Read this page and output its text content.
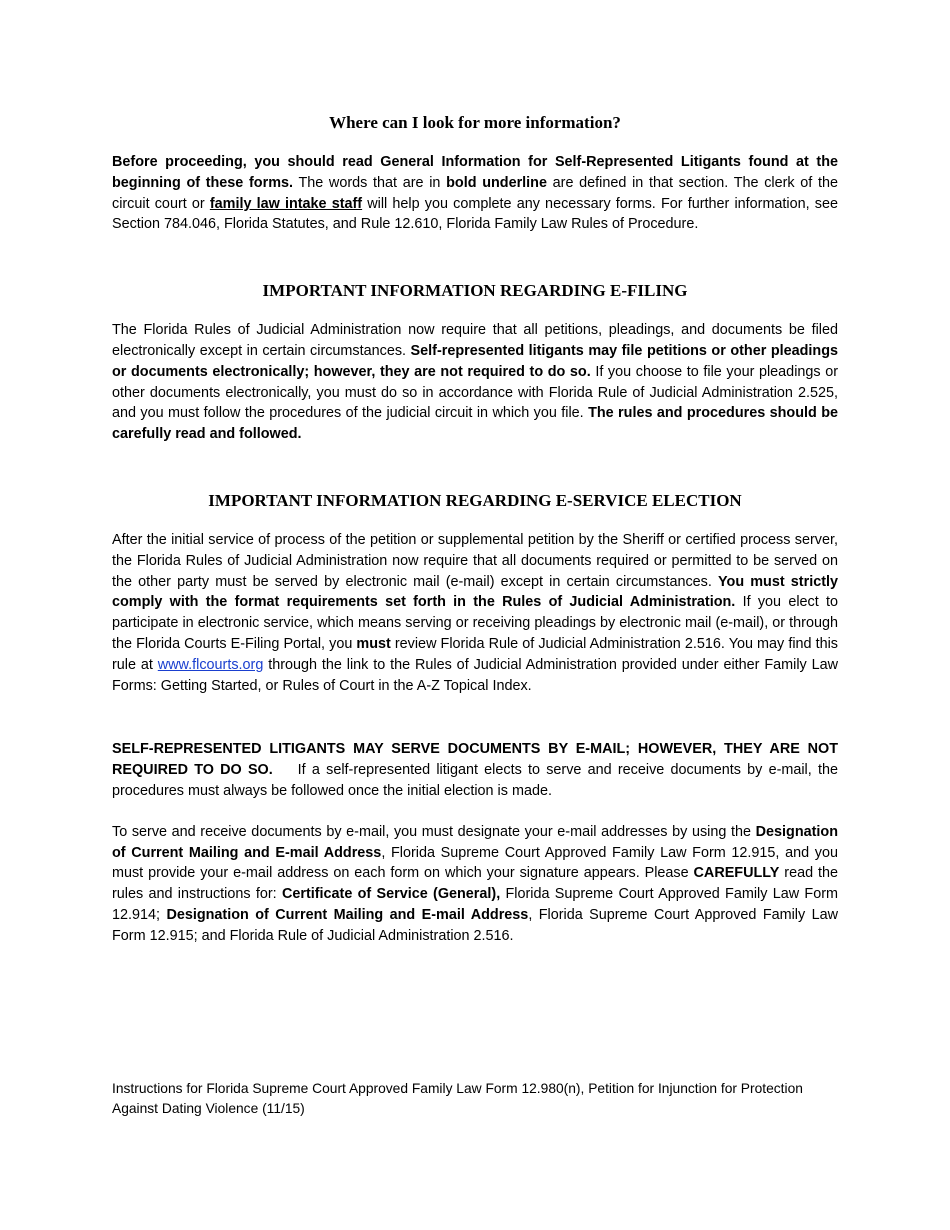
Where can I look for more information?

Before proceeding, you should read General Information for Self-Represented Litigants found at the beginning of these forms. The words that are in bold underline are defined in that section. The clerk of the circuit court or family law intake staff will help you complete any necessary forms. For further information, see Section 784.046, Florida Statutes, and Rule 12.610, Florida Family Law Rules of Procedure.

IMPORTANT INFORMATION REGARDING E-FILING

The Florida Rules of Judicial Administration now require that all petitions, pleadings, and documents be filed electronically except in certain circumstances. Self-represented litigants may file petitions or other pleadings or documents electronically; however, they are not required to do so. If you choose to file your pleadings or other documents electronically, you must do so in accordance with Florida Rule of Judicial Administration 2.525, and you must follow the procedures of the judicial circuit in which you file. The rules and procedures should be carefully read and followed.

IMPORTANT INFORMATION REGARDING E-SERVICE ELECTION

After the initial service of process of the petition or supplemental petition by the Sheriff or certified process server, the Florida Rules of Judicial Administration now require that all documents required or permitted to be served on the other party must be served by electronic mail (e-mail) except in certain circumstances. You must strictly comply with the format requirements set forth in the Rules of Judicial Administration. If you elect to participate in electronic service, which means serving or receiving pleadings by electronic mail (e-mail), or through the Florida Courts E-Filing Portal, you must review Florida Rule of Judicial Administration 2.516. You may find this rule at www.flcourts.org through the link to the Rules of Judicial Administration provided under either Family Law Forms: Getting Started, or Rules of Court in the A-Z Topical Index.

SELF-REPRESENTED LITIGANTS MAY SERVE DOCUMENTS BY E-MAIL; HOWEVER, THEY ARE NOT REQUIRED TO DO SO.    If a self-represented litigant elects to serve and receive documents by e-mail, the procedures must always be followed once the initial election is made.

To serve and receive documents by e-mail, you must designate your e-mail addresses by using the Designation of Current Mailing and E-mail Address, Florida Supreme Court Approved Family Law Form 12.915, and you must provide your e-mail address on each form on which your signature appears. Please CAREFULLY read the rules and instructions for: Certificate of Service (General), Florida Supreme Court Approved Family Law Form 12.914; Designation of Current Mailing and E-mail Address, Florida Supreme Court Approved Family Law Form 12.915; and Florida Rule of Judicial Administration 2.516.

Instructions for Florida Supreme Court Approved Family Law Form 12.980(n), Petition for Injunction for Protection
Against Dating Violence (11/15)
